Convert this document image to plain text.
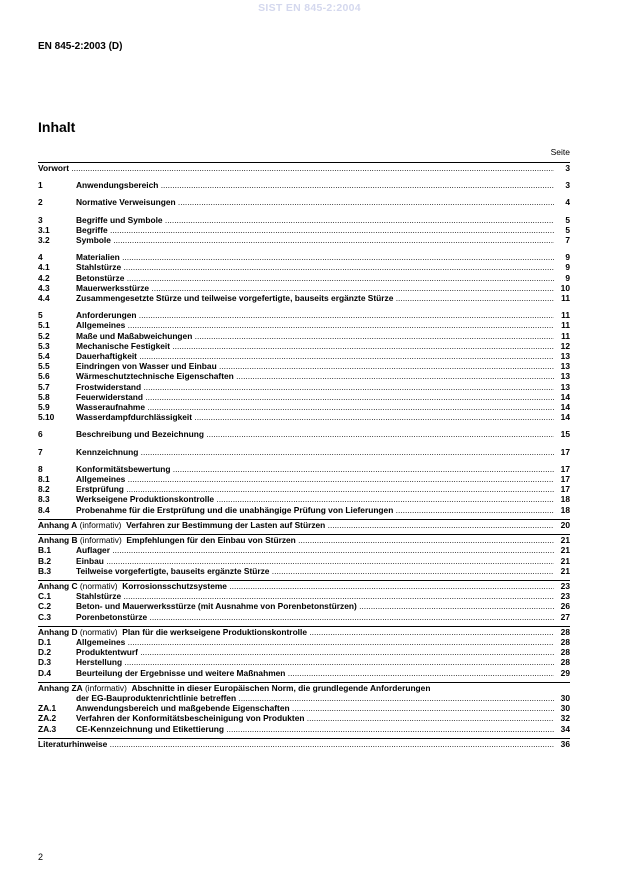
SIST EN 845-2:2004
EN 845-2:2003 (D)
Inhalt
Seite
Vorwort .....	3
1	Anwendungsbereich .....	3
2	Normative Verweisungen .....	4
3	Begriffe und Symbole .....	5
3.1	Begriffe .....	5
3.2	Symbole .....	7
4	Materialien .....	9
4.1	Stahlstürze .....	9
4.2	Betonstürze .....	9
4.3	Mauerwerksstürze .....	10
4.4	Zusammengesetzte Stürze und teilweise vorgefertigte, bauseits ergänzte Stürze .....	11
5	Anforderungen .....	11
5.1	Allgemeines .....	11
5.2	Maße und Maßabweichungen .....	11
5.3	Mechanische Festigkeit .....	12
5.4	Dauerhaftigkeit .....	13
5.5	Eindringen von Wasser und Einbau .....	13
5.6	Wärmeschutztechnische Eigenschaften .....	13
5.7	Frostwiderstand .....	13
5.8	Feuerwiderstand .....	14
5.9	Wasseraufnahme .....	14
5.10	Wasserdampfdurchlässigkeit .....	14
6	Beschreibung und Bezeichnung .....	15
7	Kennzeichnung .....	17
8	Konformitätsbewertung .....	17
8.1	Allgemeines .....	17
8.2	Erstprüfung .....	17
8.3	Werkseigene Produktionskontrolle .....	18
8.4	Probenahme für die Erstprüfung und die unabhängige Prüfung von Lieferungen .....	18
Anhang A (informativ) Verfahren zur Bestimmung der Lasten auf Stürzen .....	20
Anhang B (informativ) Empfehlungen für den Einbau von Stürzen .....	21
B.1	Auflager .....	21
B.2	Einbau .....	21
B.3	Teilweise vorgefertigte, bauseits ergänzte Stürze .....	21
Anhang C (normativ) Korrosionsschutzsysteme .....	23
C.1	Stahlstürze .....	23
C.2	Beton- und Mauerwerksstürze (mit Ausnahme von Porenbetonstürzen) .....	26
C.3	Porenbetonstürze .....	27
Anhang D (normativ) Plan für die werkseigene Produktionskontrolle .....	28
D.1	Allgemeines .....	28
D.2	Produktentwurf .....	28
D.3	Herstellung .....	28
D.4	Beurteilung der Ergebnisse und weitere Maßnahmen .....	29
Anhang ZA (informativ) Abschnitte in dieser Europäischen Norm, die grundlegende Anforderungen
der EG-Bauproduktenrichtlinie betreffen .....	30
ZA.1 Anwendungsbereich und maßgebende Eigenschaften .....	30
ZA.2 Verfahren der Konformitätsbescheinigung von Produkten .....	32
ZA.3 CE-Kennzeichnung und Etikettierung .....	34
Literaturhinweise .....	36
2
